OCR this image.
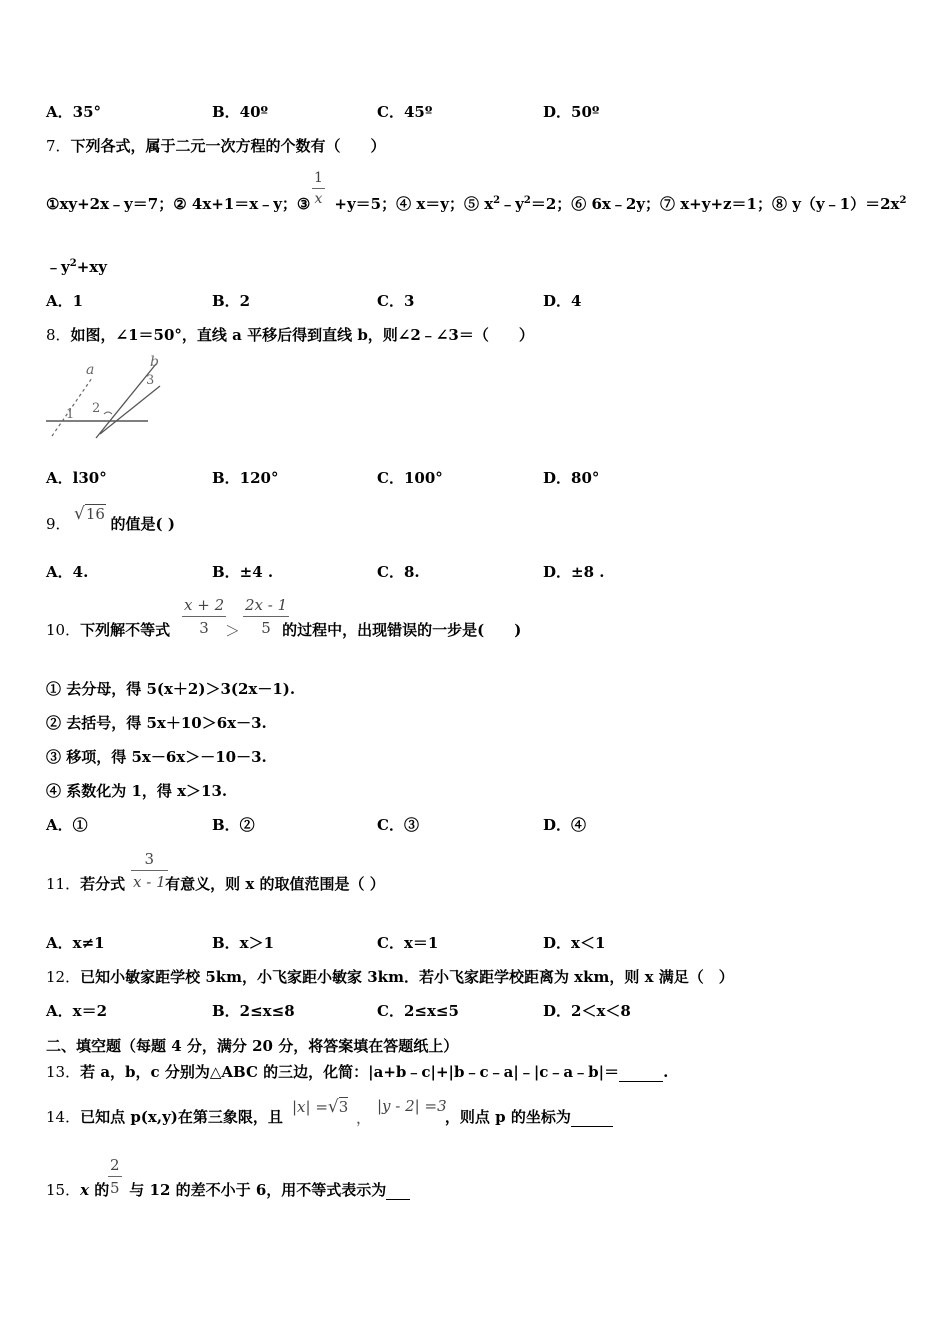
A．35°	B．40º	C．45º	D．50º
7．下列各式，属于二元一次方程的个数有（　　）
①xy+2x﹣y＝7；② 4x+1＝x﹣y；③ +y＝5；④ x＝y；⑤ $x^2﹣y^2=2$；⑥ 6x﹣2y；⑦ x+y+z＝1；⑧ $y(y﹣1)=2x^2$
1
x
$﹣y^2+xy$
A．1	B．2	C．3	D．4
8．如图，∠1＝50°，直线 a 平移后得到直线 b，则∠2﹣∠3＝（　　）
a	b
1 2
3
A．l30°	B．120°	C．100°	D．80°
9．	的值是( )
√16
A．4.	B．±4 .	C．8.	D．±8 .
10．下列解不等式	的过程中，出现错误的一步是(　　)
x + 2
3	＞
2x - 1
5
① 去分母，得 5(x＋2)＞3(2x－1).
② 去括号，得 5x＋10＞6x－3.
③ 移项，得 5x－6x＞－10－3.
④ 系数化为 1，得 x＞13.
A．①	B．②	C．③	D．④
11．若分式	有意义，则 x 的取值范围是（ ）
3
x - 1
A．x≠1	B．x＞1	C．x＝1	D．x＜1
12．已知小敏家距学校 5km，小飞家距小敏家 3km．若小飞家距学校距离为 xkm，则 x 满足（　）
A．x＝2	B．2≤x≤8	C．2≤x≤5	D．2＜x＜8
二、填空题（每题 4 分，满分 20 分，将答案填在答题纸上）
13．若 a，b，c 分别为△ABC 的三边，化简：|a+b﹣c|+|b﹣c﹣a|﹣|c﹣a﹣b|＝	.
14．已知点 p(x,y)在第三象限，且	，则点 p 的坐标为
|x| =√3
，
|y - 2| =3
15．x 的 与 12 的差不小于 6，用不等式表示为
2
5
